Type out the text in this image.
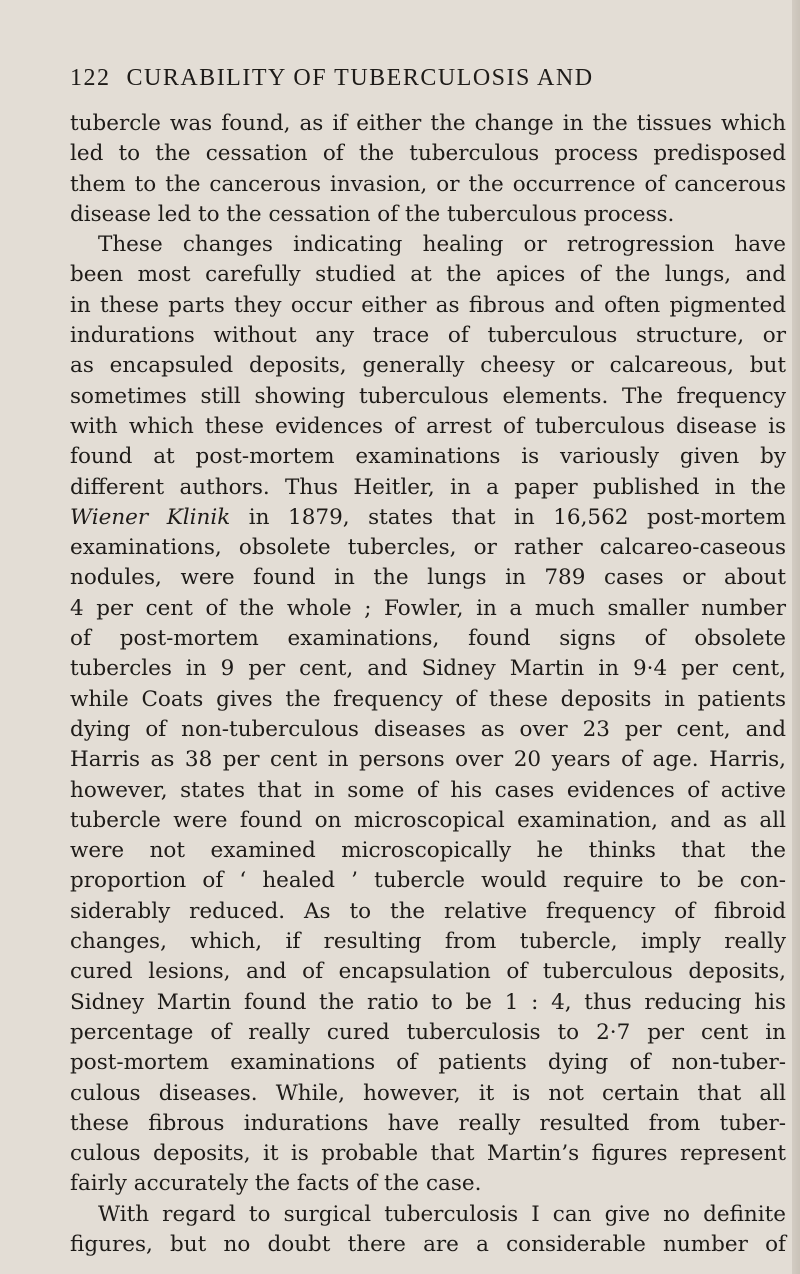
122 CURABILITY OF TUBERCULOSIS AND
tubercle was found, as if either the change in the tissues which
led to the cessation of the tuberculous process predisposed
them to the cancerous invasion, or the occurrence of cancerous
disease led to the cessation of the tuberculous process.
These changes indicating healing or retrogression have
been most carefully studied at the apices of the lungs, and
in these parts they occur either as fibrous and often pigmented
indurations without any trace of tuberculous structure, or
as encapsuled deposits, generally cheesy or calcareous, but
sometimes still showing tuberculous elements. The frequency
with which these evidences of arrest of tuberculous disease is
found at post-mortem examinations is variously given by
different authors. Thus Heitler, in a paper published in the
Wiener Klinik in 1879, states that in 16,562 post-mortem
examinations, obsolete tubercles, or rather calcareo-caseous
nodules, were found in the lungs in 789 cases or about
4 per cent of the whole ; Fowler, in a much smaller number
of post-mortem examinations, found signs of obsolete
tubercles in 9 per cent, and Sidney Martin in 9·4 per cent,
while Coats gives the frequency of these deposits in patients
dying of non-tuberculous diseases as over 23 per cent, and
Harris as 38 per cent in persons over 20 years of age. Harris,
however, states that in some of his cases evidences of active
tubercle were found on microscopical examination, and as all
were not examined microscopically he thinks that the
proportion of ‘ healed ’ tubercle would require to be con-
siderably reduced. As to the relative frequency of fibroid
changes, which, if resulting from tubercle, imply really
cured lesions, and of encapsulation of tuberculous deposits,
Sidney Martin found the ratio to be 1 : 4, thus reducing his
percentage of really cured tuberculosis to 2·7 per cent in
post-mortem examinations of patients dying of non-tuber-
culous diseases. While, however, it is not certain that all
these fibrous indurations have really resulted from tuber-
culous deposits, it is probable that Martin’s figures represent
fairly accurately the facts of the case.
With regard to surgical tuberculosis I can give no definite
figures, but no doubt there are a considerable number of
